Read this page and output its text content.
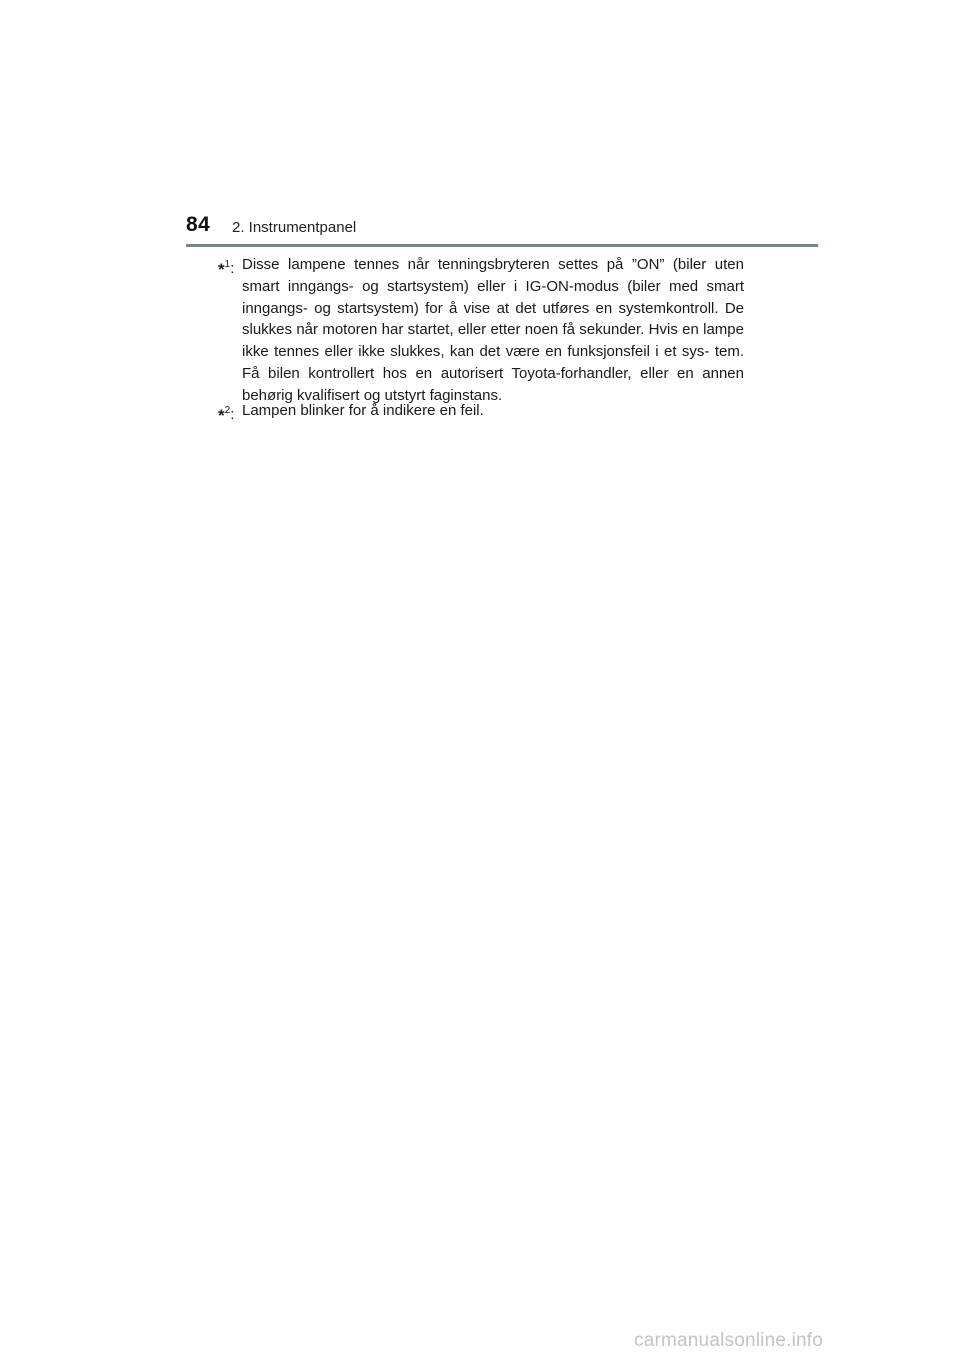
84 2. Instrumentpanel
*$^1$: Disse lampene tennes når tenningsbryteren settes på ”ON” (biler uten smart inngangs- og startsystem) eller i IG-ON-modus (biler med smart inngangs- og startsystem) for å vise at det utføres en systemkontroll. De slukkes når motoren har startet, eller etter noen få sekunder. Hvis en lampe ikke tennes eller ikke slukkes, kan det være en funksjonsfeil i et sys- tem. Få bilen kontrollert hos en autorisert Toyota-forhandler, eller en annen behørig kvalifisert og utstyrt faginstans.
*$^2$: Lampen blinker for å indikere en feil.
carmanualsonline.info
